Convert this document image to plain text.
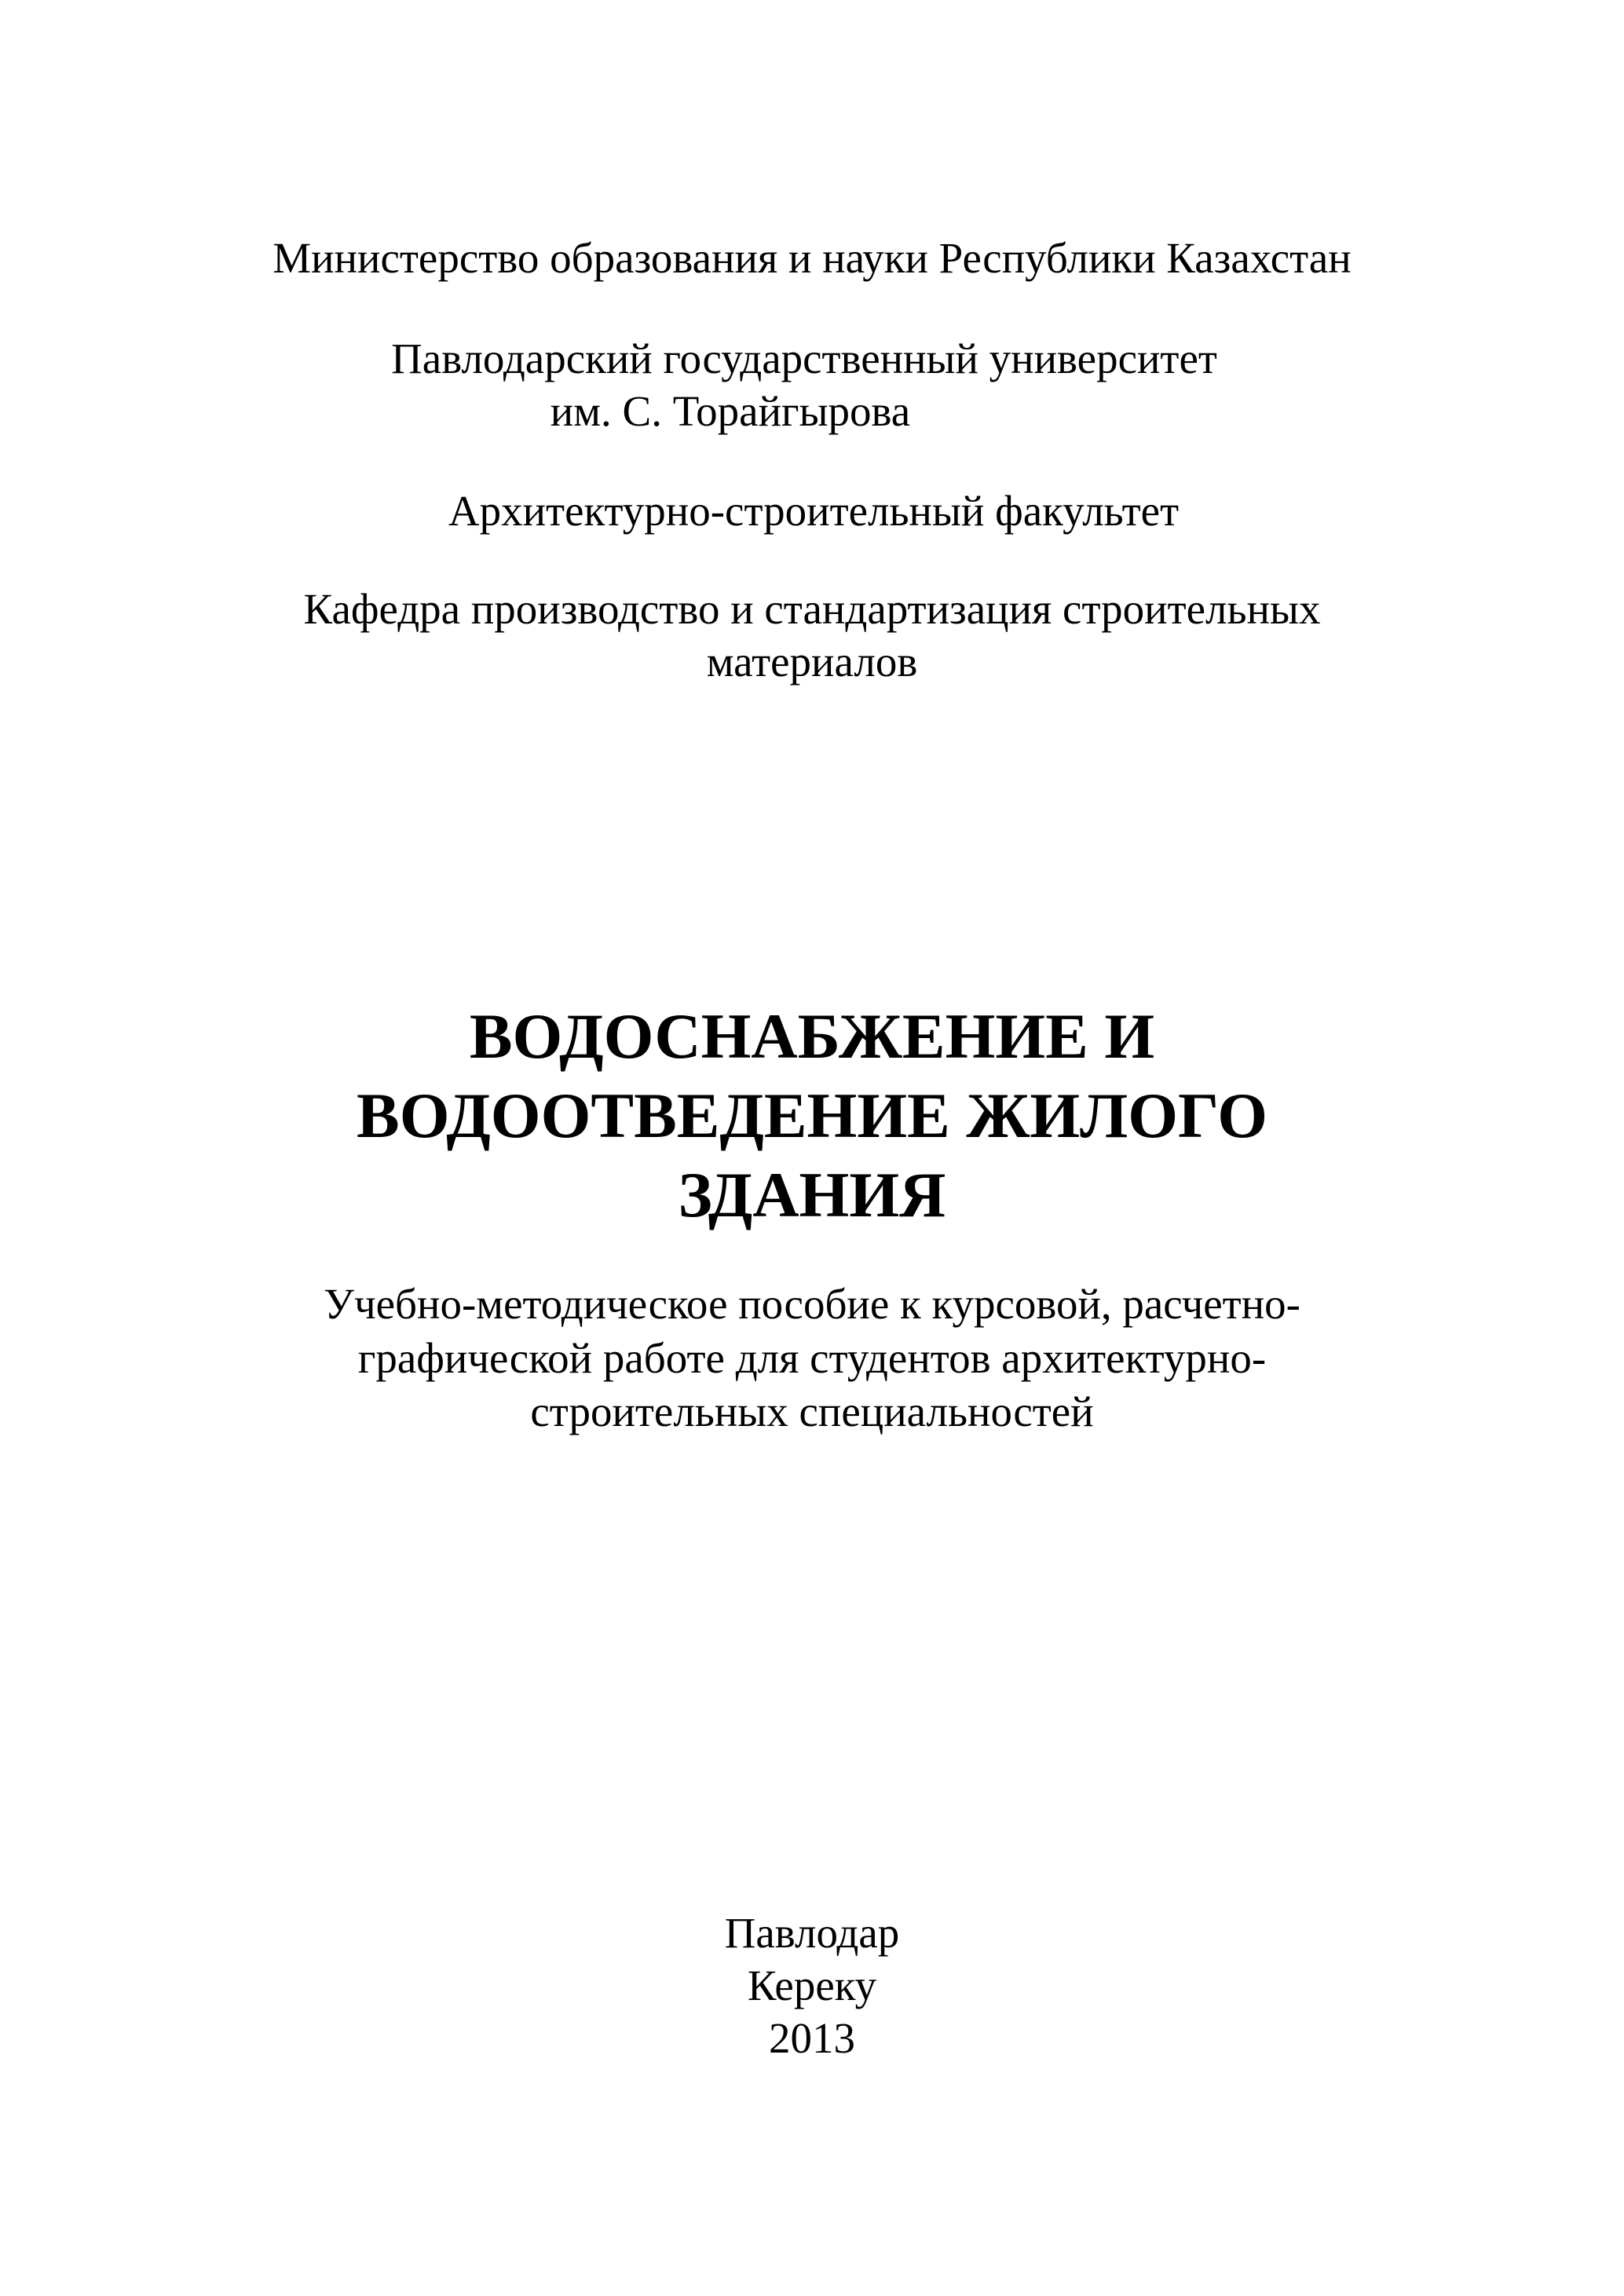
Министерство образования и науки Республики Казахстан
Павлодарский государственный университет
им. С. Торайгырова
Архитектурно-строительный факультет
Кафедра производство и стандартизация строительных
материалов
ВОДОСНАБЖЕНИЕ И
ВОДООТВЕДЕНИЕ ЖИЛОГО
ЗДАНИЯ
Учебно-методическое пособие к курсовой, расчетно-
графической работе для студентов архитектурно-
строительных специальностей
Павлодар
Кереку
2013
